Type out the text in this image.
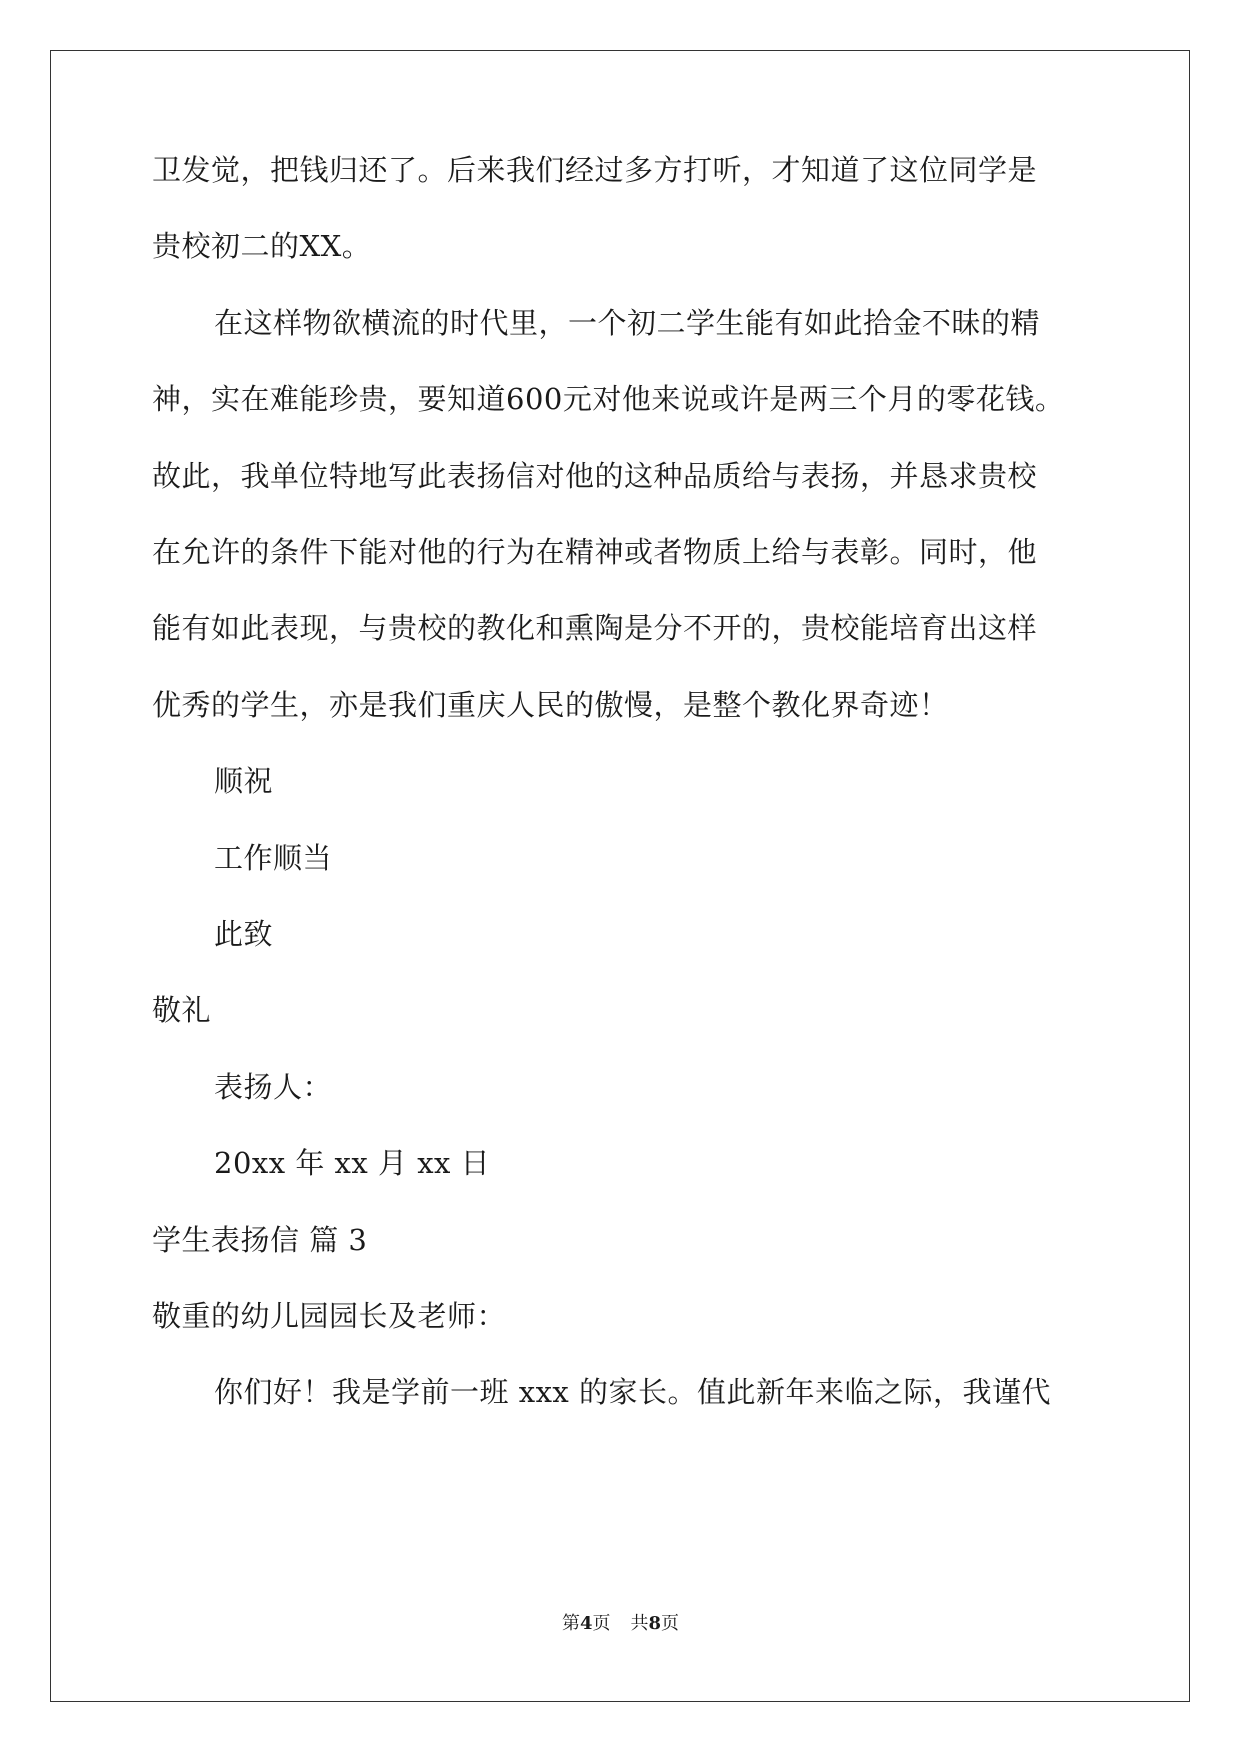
卫发觉，把钱归还了。后来我们经过多方打听，才知道了这位同学是
贵校初二的XX。
在这样物欲横流的时代里，一个初二学生能有如此拾金不昧的精
神，实在难能珍贵，要知道600元对他来说或许是两三个月的零花钱。
故此，我单位特地写此表扬信对他的这种品质给与表扬，并恳求贵校
在允许的条件下能对他的行为在精神或者物质上给与表彰。同时，他
能有如此表现，与贵校的教化和熏陶是分不开的，贵校能培育出这样
优秀的学生，亦是我们重庆人民的傲慢，是整个教化界奇迹！
顺祝
工作顺当
此致
敬礼
表扬人：
20xx 年 xx 月 xx 日
学生表扬信 篇 3
敬重的幼儿园园长及老师：
你们好！我是学前一班 xxx 的家长。值此新年来临之际，我谨代
第4页 共8页
